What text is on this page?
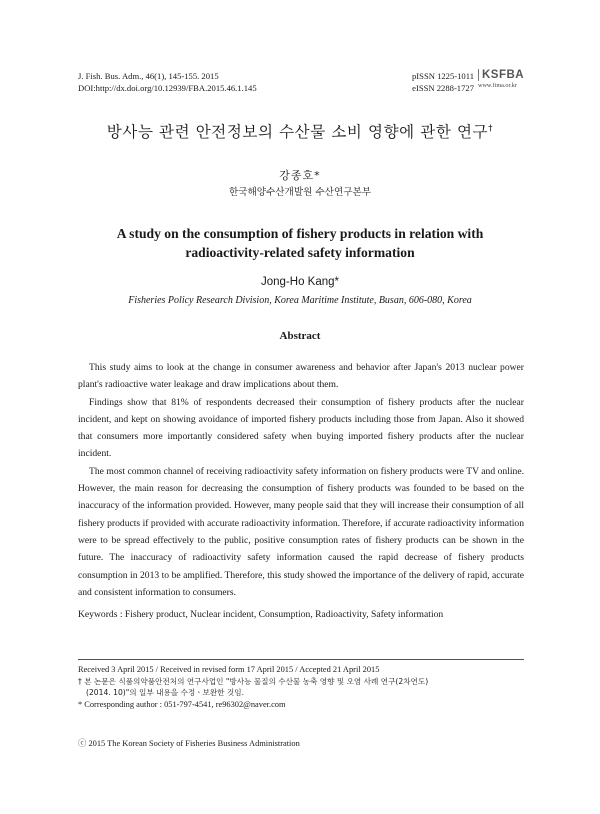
J. Fish. Bus. Adm., 46(1), 145-155. 2015
DOI:http://dx.doi.org/10.12939/FBA.2015.46.1.145
pISSN 1225-1011
eISSN 2288-1727
KSFBA
www.fima.or.kr
방사능 관련 안전정보의 수산물 소비 영향에 관한 연구†
강종호*
한국해양수산개발원 수산연구본부
A study on the consumption of fishery products in relation with
radioactivity-related safety information
Jong-Ho Kang*
Fisheries Policy Research Division, Korea Maritime Institute, Busan, 606-080, Korea
Abstract

This study aims to look at the change in consumer awareness and behavior after Japan's 2013 nuclear power plant's radioactive water leakage and draw implications about them.

Findings show that 81% of respondents decreased their consumption of fishery products after the nuclear incident, and kept on showing avoidance of imported fishery products including those from Japan. Also it showed that consumers more importantly considered safety when buying imported fishery products after the nuclear incident.

The most common channel of receiving radioactivity safety information on fishery products were TV and online. However, the main reason for decreasing the consumption of fishery products was founded to be based on the inaccuracy of the information provided. However, many people said that they will increase their consumption of all fishery products if provided with accurate radioactivity information. Therefore, if accurate radioactivity information were to be spread effectively to the public, positive consumption rates of fishery products can be shown in the future. The inaccuracy of radioactivity safety information caused the rapid decrease of fishery products consumption in 2013 to be amplified. Therefore, this study showed the importance of the delivery of rapid, accurate and consistent information to consumers.

Keywords : Fishery product, Nuclear incident, Consumption, Radioactivity, Safety information
Received 3 April 2015 / Received in revised form 17 April 2015 / Accepted 21 April 2015
† 본 논문은 식품의약품안전처의 연구사업인 "방사능 물질의 수산물 농축 영향 및 오염 사례 연구(2차연도)
(2014. 10)"의 일부 내용을 수정ㆍ보완한 것임.
* Corresponding author : 051-797-4541, re96302@naver.com
ⓒ 2015 The Korean Society of Fisheries Business Administration
